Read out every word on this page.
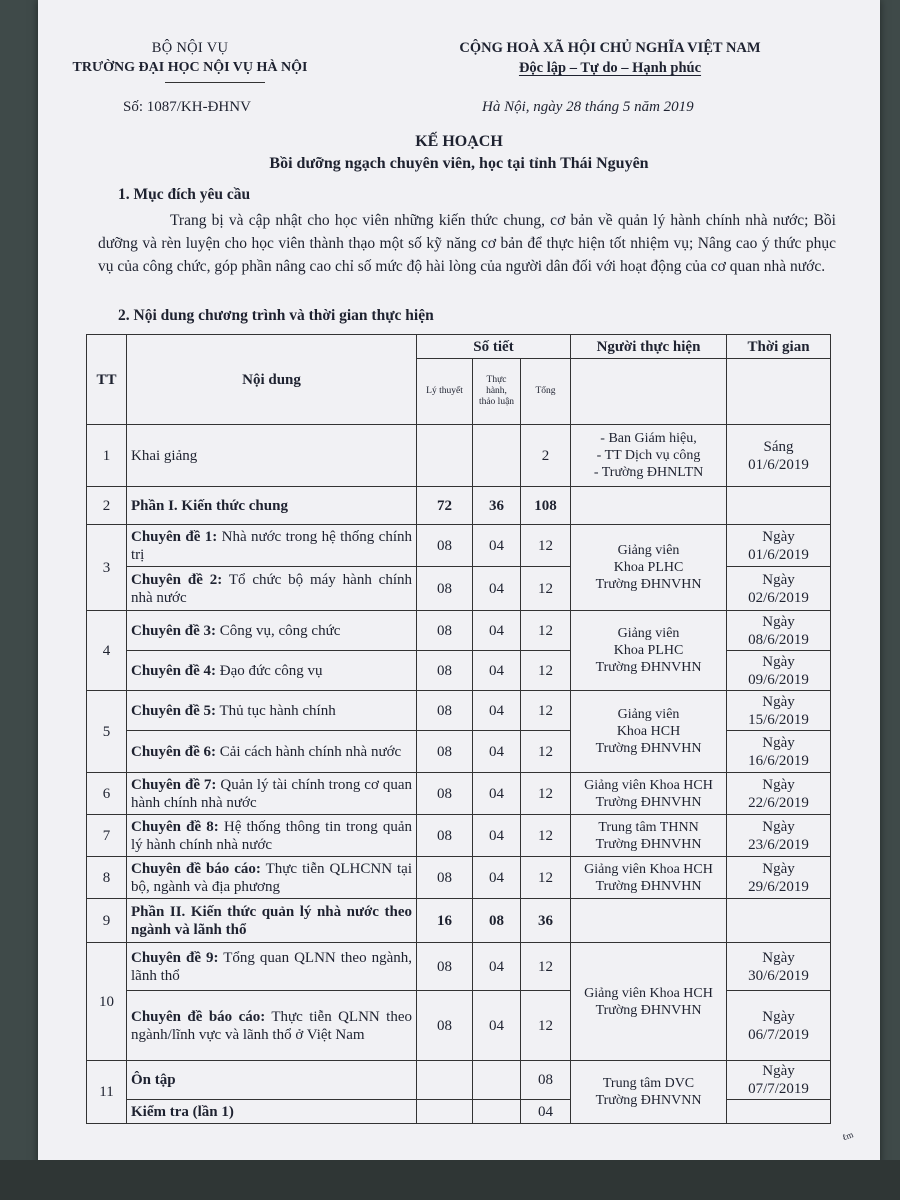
BỘ NỘI VỤ
TRƯỜNG ĐẠI HỌC NỘI VỤ HÀ NỘI
CỘNG HOÀ XÃ HỘI CHỦ NGHĨA VIỆT NAM
Độc lập – Tự do – Hạnh phúc
Số: 1087/KH-ĐHNV	Hà Nội, ngày 28 tháng 5 năm 2019
KẾ HOẠCH
Bồi dưỡng ngạch chuyên viên, học tại tỉnh Thái Nguyên
1. Mục đích yêu cầu
Trang bị và cập nhật cho học viên những kiến thức chung, cơ bản về quản lý hành chính nhà nước; Bồi dưỡng và rèn luyện cho học viên thành thạo một số kỹ năng cơ bản để thực hiện tốt nhiệm vụ; Nâng cao ý thức phục vụ của công chức, góp phần nâng cao chỉ số mức độ hài lòng của người dân đối với hoạt động của cơ quan nhà nước.
2. Nội dung chương trình và thời gian thực hiện
TT	Nội dung	Số tiết			Người thực hiện	Thời gian
		Lý thuyết	Thực hành, thảo luận	Tổng		
1	Khai giảng			2	- Ban Giám hiệu,
- TT Dịch vụ công
- Trường ĐHNLTN	Sáng
01/6/2019
2	Phần I. Kiến thức chung	72	36	108		
3	Chuyên đề 1: Nhà nước trong hệ thống chính trị	08	04	12	Giảng viên
Khoa PLHC
Trường ĐHNVHN	Ngày
01/6/2019
	Chuyên đề 2: Tổ chức bộ máy hành chính nhà nước	08	04	12		Ngày
02/6/2019
4	Chuyên đề 3: Công vụ, công chức	08	04	12	Giảng viên
Khoa PLHC
Trường ĐHNVHN	Ngày
08/6/2019
	Chuyên đề 4: Đạo đức công vụ	08	04	12		Ngày
09/6/2019
5	Chuyên đề 5: Thủ tục hành chính	08	04	12	Giảng viên
Khoa HCH
Trường ĐHNVHN	Ngày
15/6/2019
	Chuyên đề 6: Cải cách hành chính nhà nước	08	04	12		Ngày
16/6/2019
6	Chuyên đề 7: Quản lý tài chính trong cơ quan hành chính nhà nước	08	04	12	Giảng viên Khoa HCH
Trường ĐHNVHN	Ngày
22/6/2019
7	Chuyên đề 8: Hệ thống thông tin trong quản lý hành chính nhà nước	08	04	12	Trung tâm THNN
Trường ĐHNVHN	Ngày
23/6/2019
8	Chuyên đề báo cáo: Thực tiễn QLHCNN tại bộ, ngành và địa phương	08	04	12	Giảng viên Khoa HCH
Trường ĐHNVHN	Ngày
29/6/2019
9	Phần II. Kiến thức quản lý nhà nước theo ngành và lãnh thổ	16	08	36		
10	Chuyên đề 9: Tổng quan QLNN theo ngành, lãnh thổ	08	04	12	Giảng viên Khoa HCH
Trường ĐHNVHN	Ngày
30/6/2019
	Chuyên đề báo cáo: Thực tiễn QLNN theo ngành/lĩnh vực và lãnh thổ ở Việt Nam	08	04	12		Ngày
06/7/2019
11	Ôn tập			08	Trung tâm DVC
Trường ĐHNVNN	Ngày
07/7/2019
	Kiểm tra (lần 1)			04		
ℓm
